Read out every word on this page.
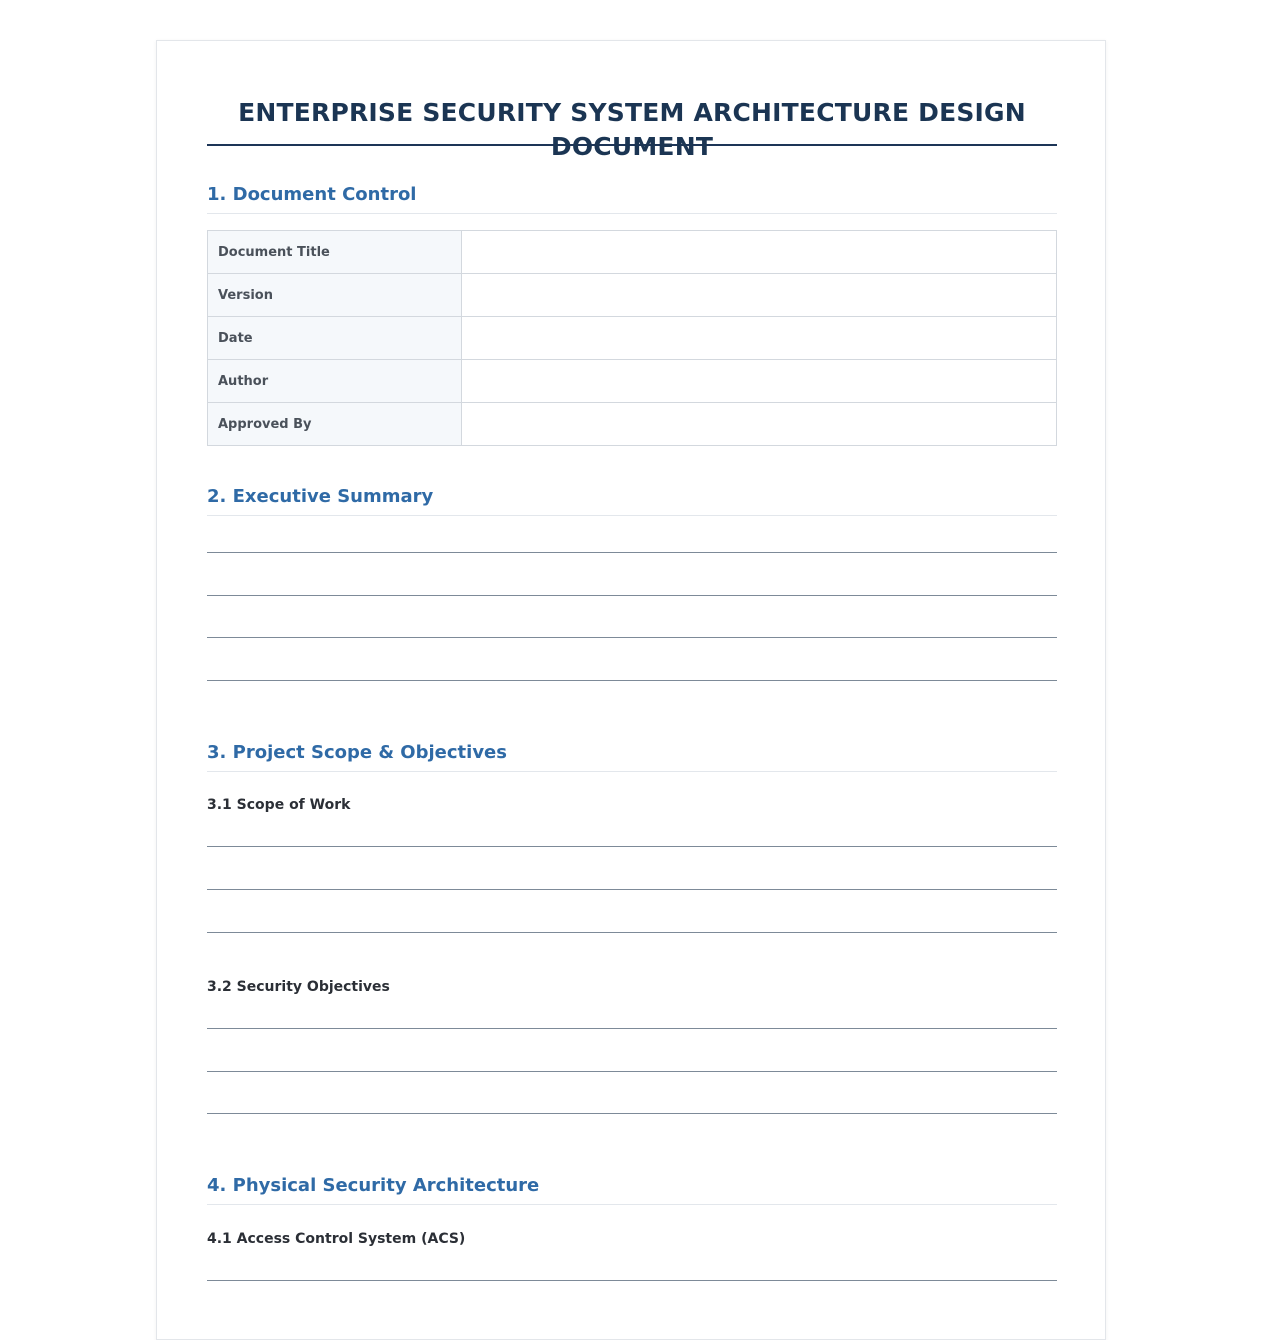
ENTERPRISE SECURITY SYSTEM ARCHITECTURE DESIGN DOCUMENT
1. Document Control
Document Title	
Version	
Date	
Author	
Approved By	
2. Executive Summary
3. Project Scope & Objectives
3.1 Scope of Work
3.2 Security Objectives
4. Physical Security Architecture
4.1 Access Control System (ACS)
